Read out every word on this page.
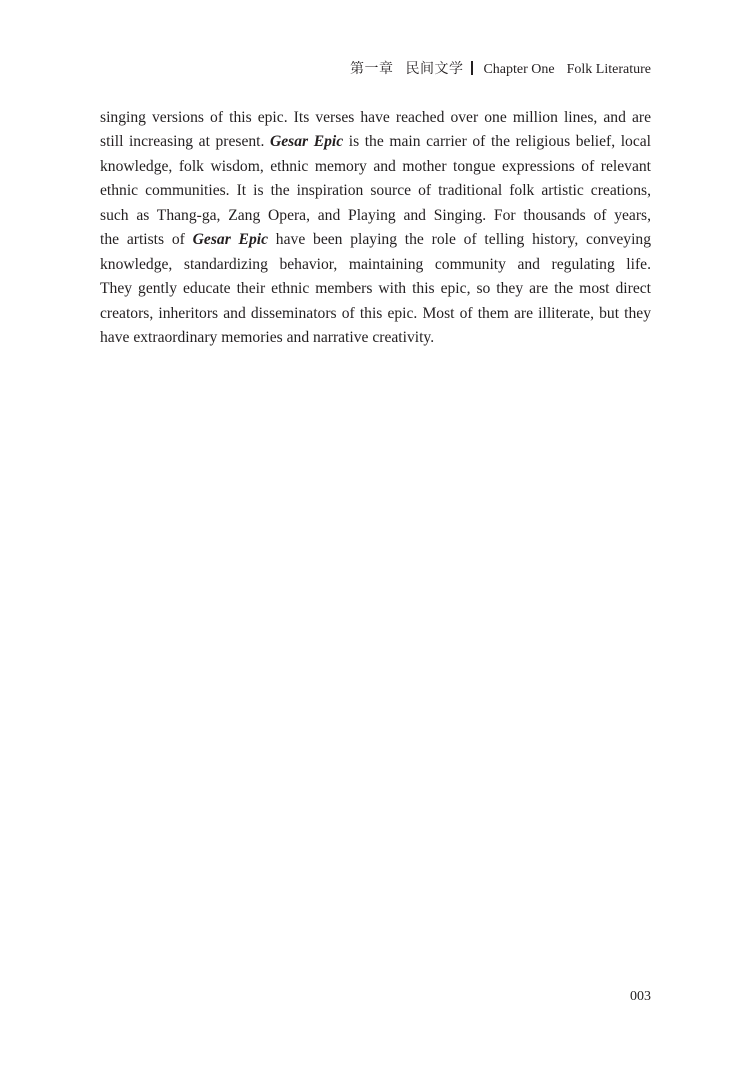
第一章 民间文学 Chapter One Folk Literature

singing versions of this epic. Its verses have reached over one million lines, and are
still increasing at present. Gesar Epic is the main carrier of the religious belief, local
knowledge, folk wisdom, ethnic memory and mother tongue expressions of relevant
ethnic communities. It is the inspiration source of traditional folk artistic creations,
such as Thang-ga, Zang Opera, and Playing and Singing. For thousands of years,
the artists of Gesar Epic have been playing the role of telling history, conveying
knowledge, standardizing behavior, maintaining community and regulating life.
They gently educate their ethnic members with this epic, so they are the most direct
creators, inheritors and disseminators of this epic. Most of them are illiterate, but they
have extraordinary memories and narrative creativity.

003
